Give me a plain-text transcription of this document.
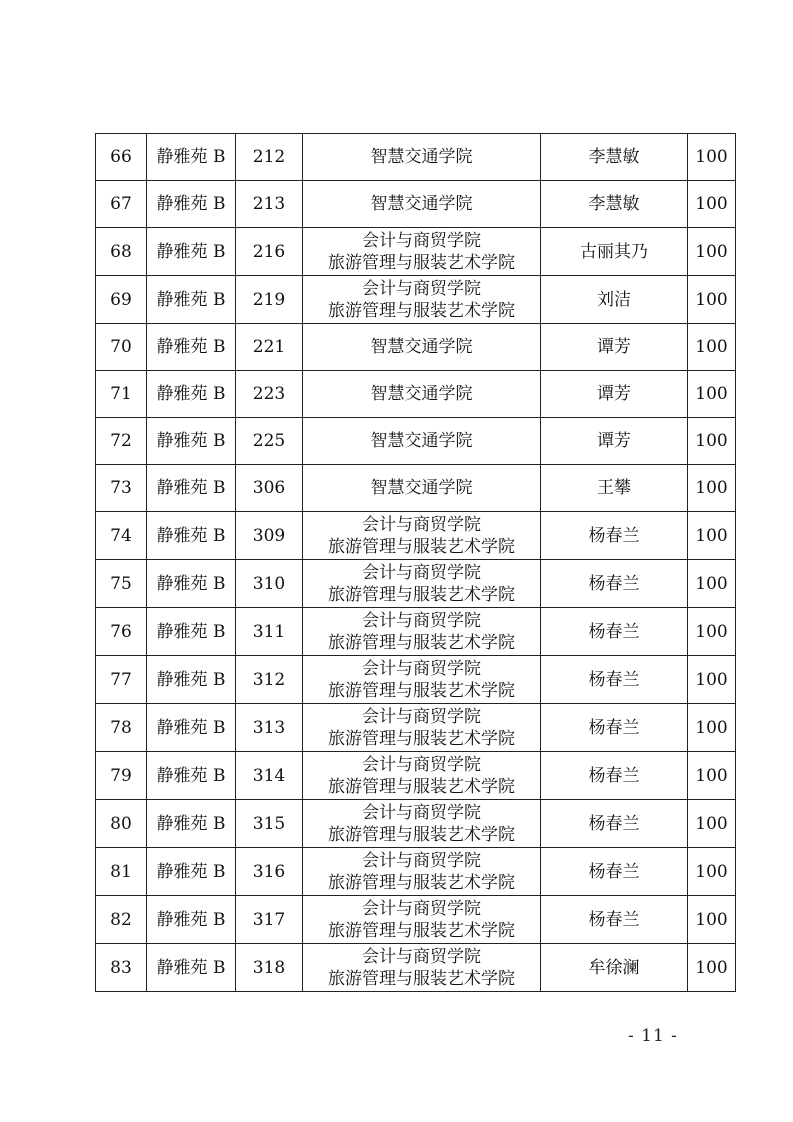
66	静雅苑 B	212	智慧交通学院	李慧敏	100
67	静雅苑 B	213	智慧交通学院	李慧敏	100
68	静雅苑 B	216	会计与商贸学院
旅游管理与服装艺术学院	古丽其乃	100
69	静雅苑 B	219	会计与商贸学院
旅游管理与服装艺术学院	刘洁	100
70	静雅苑 B	221	智慧交通学院	谭芳	100
71	静雅苑 B	223	智慧交通学院	谭芳	100
72	静雅苑 B	225	智慧交通学院	谭芳	100
73	静雅苑 B	306	智慧交通学院	王攀	100
74	静雅苑 B	309	会计与商贸学院
旅游管理与服装艺术学院	杨春兰	100
75	静雅苑 B	310	会计与商贸学院
旅游管理与服装艺术学院	杨春兰	100
76	静雅苑 B	311	会计与商贸学院
旅游管理与服装艺术学院	杨春兰	100
77	静雅苑 B	312	会计与商贸学院
旅游管理与服装艺术学院	杨春兰	100
78	静雅苑 B	313	会计与商贸学院
旅游管理与服装艺术学院	杨春兰	100
79	静雅苑 B	314	会计与商贸学院
旅游管理与服装艺术学院	杨春兰	100
80	静雅苑 B	315	会计与商贸学院
旅游管理与服装艺术学院	杨春兰	100
81	静雅苑 B	316	会计与商贸学院
旅游管理与服装艺术学院	杨春兰	100
82	静雅苑 B	317	会计与商贸学院
旅游管理与服装艺术学院	杨春兰	100
83	静雅苑 B	318	会计与商贸学院
旅游管理与服装艺术学院	牟徐澜	100
- 11 -
